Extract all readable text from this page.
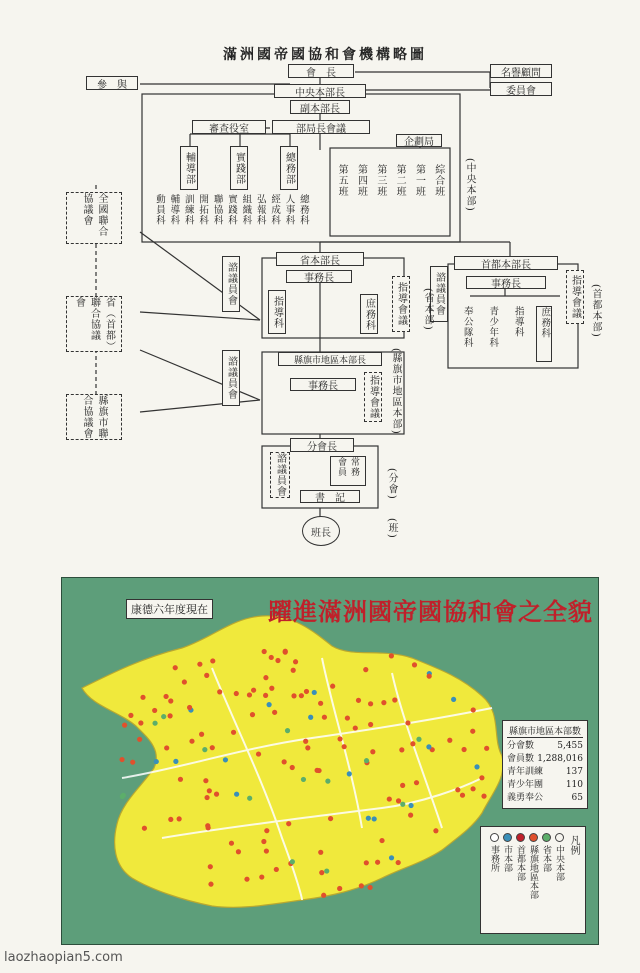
滿洲國帝國協和會機構略圖
會　長	名譽顧問
委員會
參　與
中央本部長
副本部長
審查役室	部局長會議
企劃局
輔導部	實踐部	總務部
動員科 輔導科 訓練科 開拓科 聯協科 實踐科 組織科 弘報科 經成科 人事科 總務科
第五班 第四班 第三班 第二班 第一班 綜合班 (中央本部)
全國聯合協議會
省（首都）聯合協議會
縣旗市聯合協議會
諮議員會
省本部長
事務長
指導科	庶務科	指導會議	諮議員會
(省本部)
首都本部長
事務長
奉公隊科 青少年科 指導科	庶務科
指導會議 (首都本部)
諮議員會	縣旗市地區本部長
事務長	指導會議	(縣旗市地區本部)
分會長
諮議員會	常務會員
書　記	(分會)
班長	(班)
康德六年度現在	躍進滿洲國帝國協和會之全貌
縣旗市地區本部數
分會數	5,455
會員數 1,288,016
青年訓練	137
青少年團	110
義勇奉公	65
凡例
中央本部
省本部
縣旗地區本部
首都本部
市本部
事務所
laozhaopian5.com
